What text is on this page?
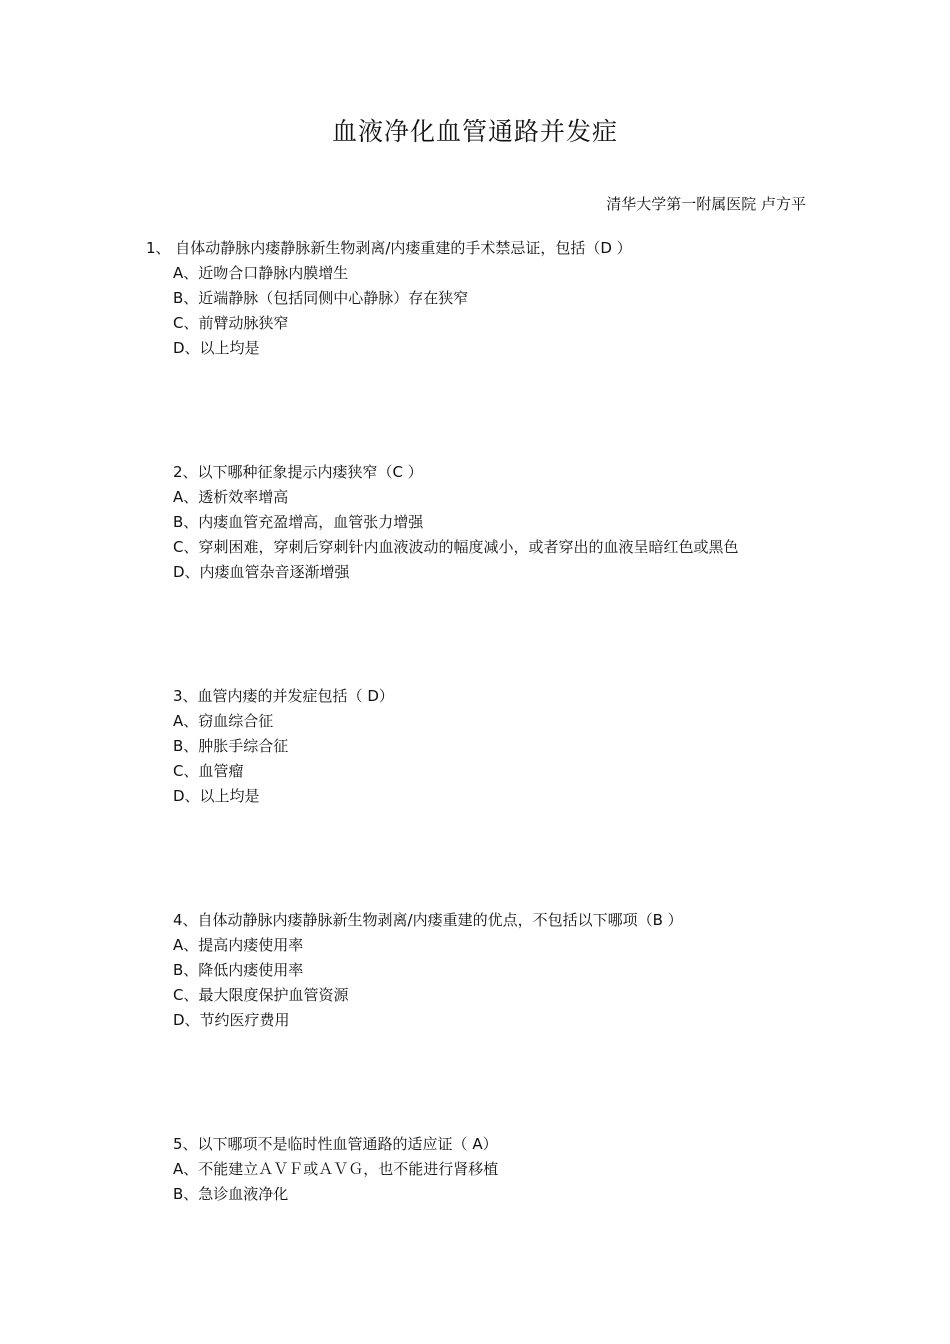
血液净化血管通路并发症
清华大学第一附属医院 卢方平
1、 自体动静脉内瘘静脉新生物剥离/内瘘重建的手术禁忌证，包括（D ）
A、近吻合口静脉内膜增生
B、近端静脉（包括同侧中心静脉）存在狭窄
C、前臂动脉狭窄
D、以上均是
2、以下哪种征象提示内瘘狭窄（C ）
A、透析效率增高
B、内瘘血管充盈增高，血管张力增强
C、穿刺困难，穿刺后穿刺针内血液波动的幅度减小，或者穿出的血液呈暗红色或黑色
D、内瘘血管杂音逐渐增强
3、血管内瘘的并发症包括（ D）
A、窃血综合征
B、肿胀手综合征
C、血管瘤
D、以上均是
4、自体动静脉内瘘静脉新生物剥离/内瘘重建的优点，不包括以下哪项（B ）
A、提高内瘘使用率
B、降低内瘘使用率
C、最大限度保护血管资源
D、节约医疗费用
5、以下哪项不是临时性血管通路的适应证（ A）
A、不能建立ＡＶＦ或ＡＶＧ，也不能进行肾移植
B、急诊血液净化
